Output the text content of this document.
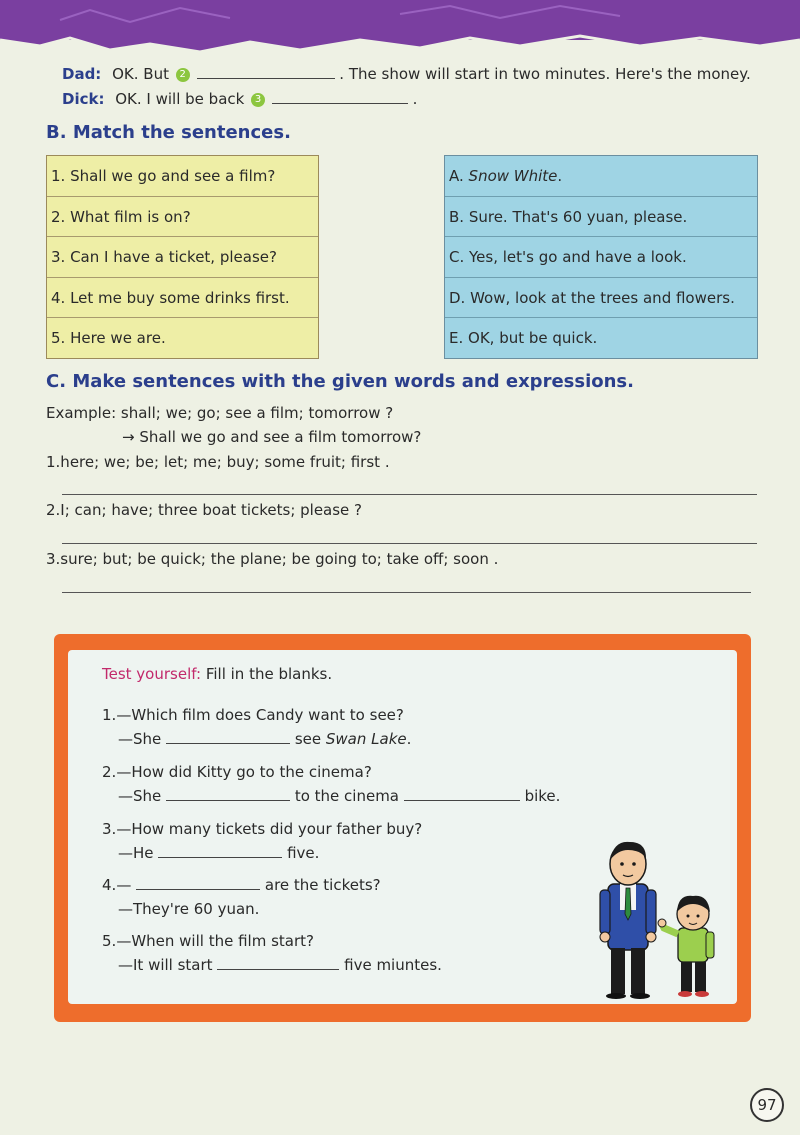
Dad: OK. But 2	. The show will start in two minutes. Here's the money.
Dick: OK. I will be back 3	.
B. Match the sentences.
1. Shall we go and see a film?
2. What film is on?
3. Can I have a ticket, please?
4. Let me buy some drinks first.
5. Here we are.
A. Snow White.
B. Sure. That's 60 yuan, please.
C. Yes, let's go and have a look.
D. Wow, look at the trees and flowers.
E. OK, but be quick.
C. Make sentences with the given words and expressions.
Example: shall; we; go; see a film; tomorrow ?
→ Shall we go and see a film tomorrow?
1.here; we; be; let; me; buy; some fruit; first .
2.I; can; have; three boat tickets; please ?
3.sure; but; be quick; the plane; be going to; take off; soon .
Test yourself: Fill in the blanks.
1.—Which film does Candy want to see?
—She	see Swan Lake.
2.—How did Kitty go to the cinema?
—She	to the cinema	bike.
3.—How many tickets did your father buy?
—He	five.
4.—	are the tickets?
—They're 60 yuan.
5.—When will the film start?
—It will start	five miuntes.
97
